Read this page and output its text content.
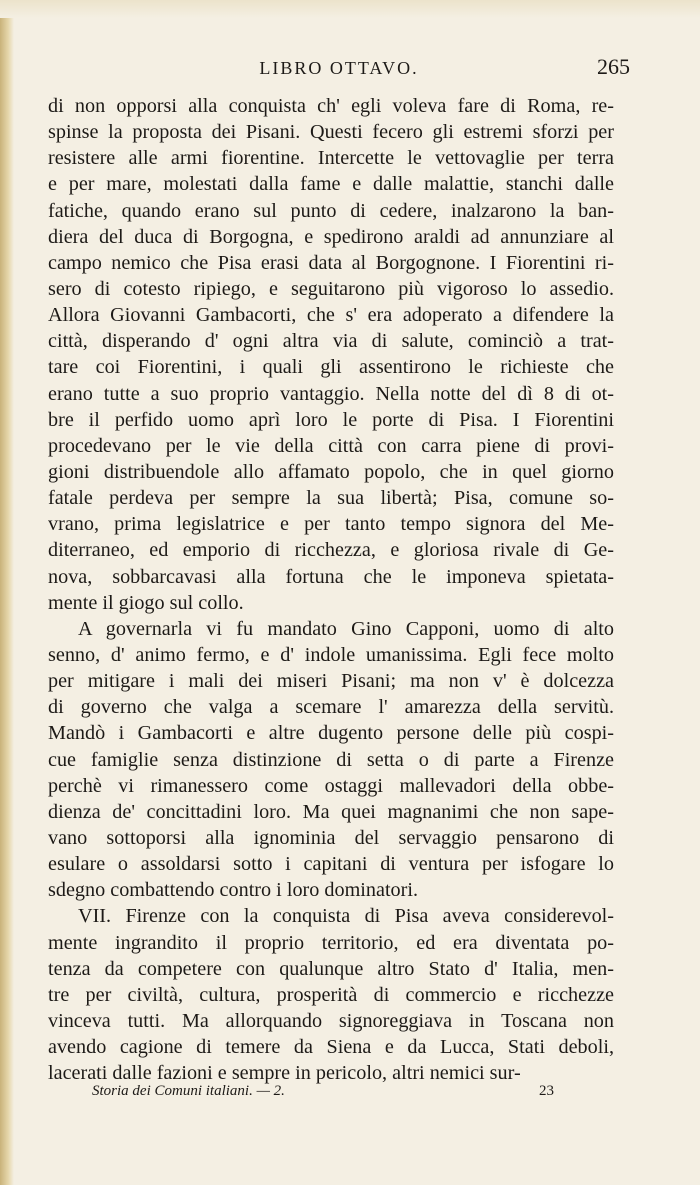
LIBRO OTTAVO.	265
di non opporsi alla conquista ch' egli voleva fare di Roma, re-
spinse la proposta dei Pisani. Questi fecero gli estremi sforzi per
resistere alle armi fiorentine. Intercette le vettovaglie per terra
e per mare, molestati dalla fame e dalle malattie, stanchi dalle
fatiche, quando erano sul punto di cedere, inalzarono la ban-
diera del duca di Borgogna, e spedirono araldi ad annunziare al
campo nemico che Pisa erasi data al Borgognone. I Fiorentini ri-
sero di cotesto ripiego, e seguitarono più vigoroso lo assedio.
Allora Giovanni Gambacorti, che s' era adoperato a difendere la
città, disperando d' ogni altra via di salute, cominciò a trat-
tare coi Fiorentini, i quali gli assentirono le richieste che
erano tutte a suo proprio vantaggio. Nella notte del dì 8 di ot-
bre il perfido uomo aprì loro le porte di Pisa. I Fiorentini
procedevano per le vie della città con carra piene di provi-
gioni distribuendole allo affamato popolo, che in quel giorno
fatale perdeva per sempre la sua libertà; Pisa, comune so-
vrano, prima legislatrice e per tanto tempo signora del Me-
diterraneo, ed emporio di ricchezza, e gloriosa rivale di Ge-
nova, sobbarcavasi alla fortuna che le imponeva spietata-
mente il giogo sul collo.
A governarla vi fu mandato Gino Capponi, uomo di alto
senno, d' animo fermo, e d' indole umanissima. Egli fece molto
per mitigare i mali dei miseri Pisani; ma non v' è dolcezza
di governo che valga a scemare l' amarezza della servitù.
Mandò i Gambacorti e altre dugento persone delle più cospi-
cue famiglie senza distinzione di setta o di parte a Firenze
perchè vi rimanessero come ostaggi mallevadori della obbe-
dienza de' concittadini loro. Ma quei magnanimi che non sape-
vano sottoporsi alla ignominia del servaggio pensarono di
esulare o assoldarsi sotto i capitani di ventura per isfogare lo
sdegno combattendo contro i loro dominatori.
VII. Firenze con la conquista di Pisa aveva considerevol-
mente ingrandito il proprio territorio, ed era diventata po-
tenza da competere con qualunque altro Stato d' Italia, men-
tre per civiltà, cultura, prosperità di commercio e ricchezze
vinceva tutti. Ma allorquando signoreggiava in Toscana non
avendo cagione di temere da Siena e da Lucca, Stati deboli,
lacerati dalle fazioni e sempre in pericolo, altri nemici sur-
Storia dei Comuni italiani. — 2.	23
